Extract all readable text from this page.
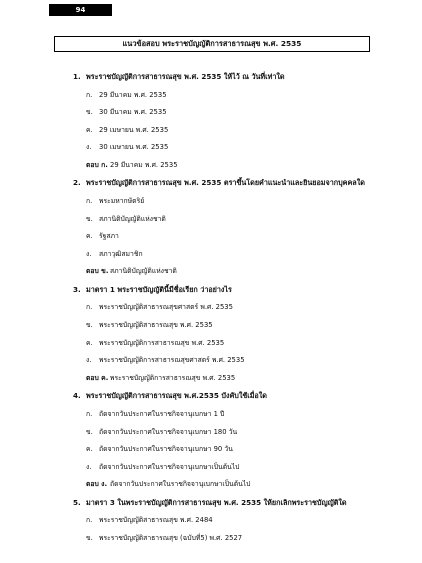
94
แนวข้อสอบ พระราชบัญญัติการสาธารณสุข พ.ศ. 2535
1. พระราชบัญญัติการสาธารณสุข พ.ศ. 2535 ให้ไว้ ณ วันที่เท่าใด
ก. 29 มีนาคม พ.ศ. 2535
ข. 30 มีนาคม พ.ศ. 2535
ค. 29 เมษายน พ.ศ. 2535
ง. 30 เมษายน พ.ศ. 2535
ตอบ ก. 29 มีนาคม พ.ศ. 2535
2. พระราชบัญญัติการสาธารณสุข พ.ศ. 2535 ตราขึ้นโดยคำแนะนำและยินยอมจากบุคคลใด
ก. พระมหากษัตริย์
ข. สภานิติบัญญัติแห่งชาติ
ค. รัฐสภา
ง. สภาวุฒิสมาชิก
ตอบ ข. สภานิติบัญญัติแห่งชาติ
3. มาตรา 1 พระราชบัญญัตินี้มีชื่อเรียก ว่าอย่างไร
ก. พระราชบัญญัติสาธารณสุขศาสตร์ พ.ศ. 2535
ข. พระราชบัญญัติสาธารณสุข พ.ศ. 2535
ค. พระราชบัญญัติการสาธารณสุข พ.ศ. 2535
ง. พระราชบัญญัติการสาธารณสุขศาสตร์ พ.ศ. 2535
ตอบ ค. พระราชบัญญัติการสาธารณสุข พ.ศ. 2535
4. พระราชบัญญัติการสาธารณสุข พ.ศ.2535 บังคับใช้เมื่อใด
ก. ถัดจากวันประกาศในราชกิจจานุเบกษา 1 ปี
ข. ถัดจากวันประกาศในราชกิจจานุเบกษา 180 วัน
ค. ถัดจากวันประกาศในราชกิจจานุเบกษา 90 วัน
ง. ถัดจากวันประกาศในราชกิจจานุเบกษาเป็นต้นไป
ตอบ ง. ถัดจากวันประกาศในราชกิจจานุเบกษาเป็นต้นไป
5. มาตรา 3 ในพระราชบัญญัติการสาธารณสุข พ.ศ. 2535 ให้ยกเลิกพระราชบัญญัติใด
ก. พระราชบัญญัติสาธารณสุข พ.ศ. 2484
ข. พระราชบัญญัติสาธารณสุข (ฉบับที่5) พ.ศ. 2527
